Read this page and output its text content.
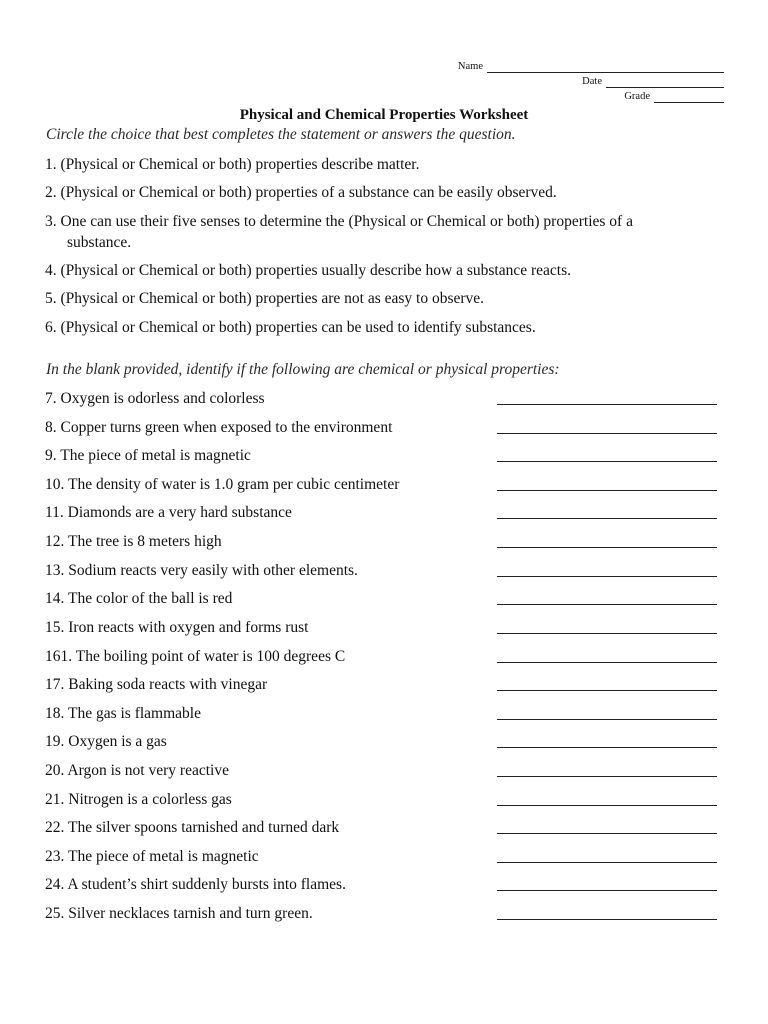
Name
Date
Grade
Physical and Chemical Properties Worksheet
Circle the choice that best completes the statement or answers the question.
1. (Physical or Chemical or both) properties describe matter.
2. (Physical or Chemical or both) properties of a substance can be easily observed.
3. One can use their five senses to determine the (Physical or Chemical or both) properties of a
substance.
4. (Physical or Chemical or both) properties usually describe how a substance reacts.
5. (Physical or Chemical or both) properties are not as easy to observe.
6. (Physical or Chemical or both) properties can be used to identify substances.
In the blank provided, identify if the following are chemical or physical properties:
7. Oxygen is odorless and colorless
8. Copper turns green when exposed to the environment
9. The piece of metal is magnetic
10. The density of water is 1.0 gram per cubic centimeter
11. Diamonds are a very hard substance
12. The tree is 8 meters high
13. Sodium reacts very easily with other elements.
14. The color of the ball is red
15. Iron reacts with oxygen and forms rust
161. The boiling point of water is 100 degrees C
17. Baking soda reacts with vinegar
18. The gas is flammable
19. Oxygen is a gas
20. Argon is not very reactive
21. Nitrogen is a colorless gas
22. The silver spoons tarnished and turned dark
23. The piece of metal is magnetic
24. A student’s shirt suddenly bursts into flames.
25. Silver necklaces tarnish and turn green.
